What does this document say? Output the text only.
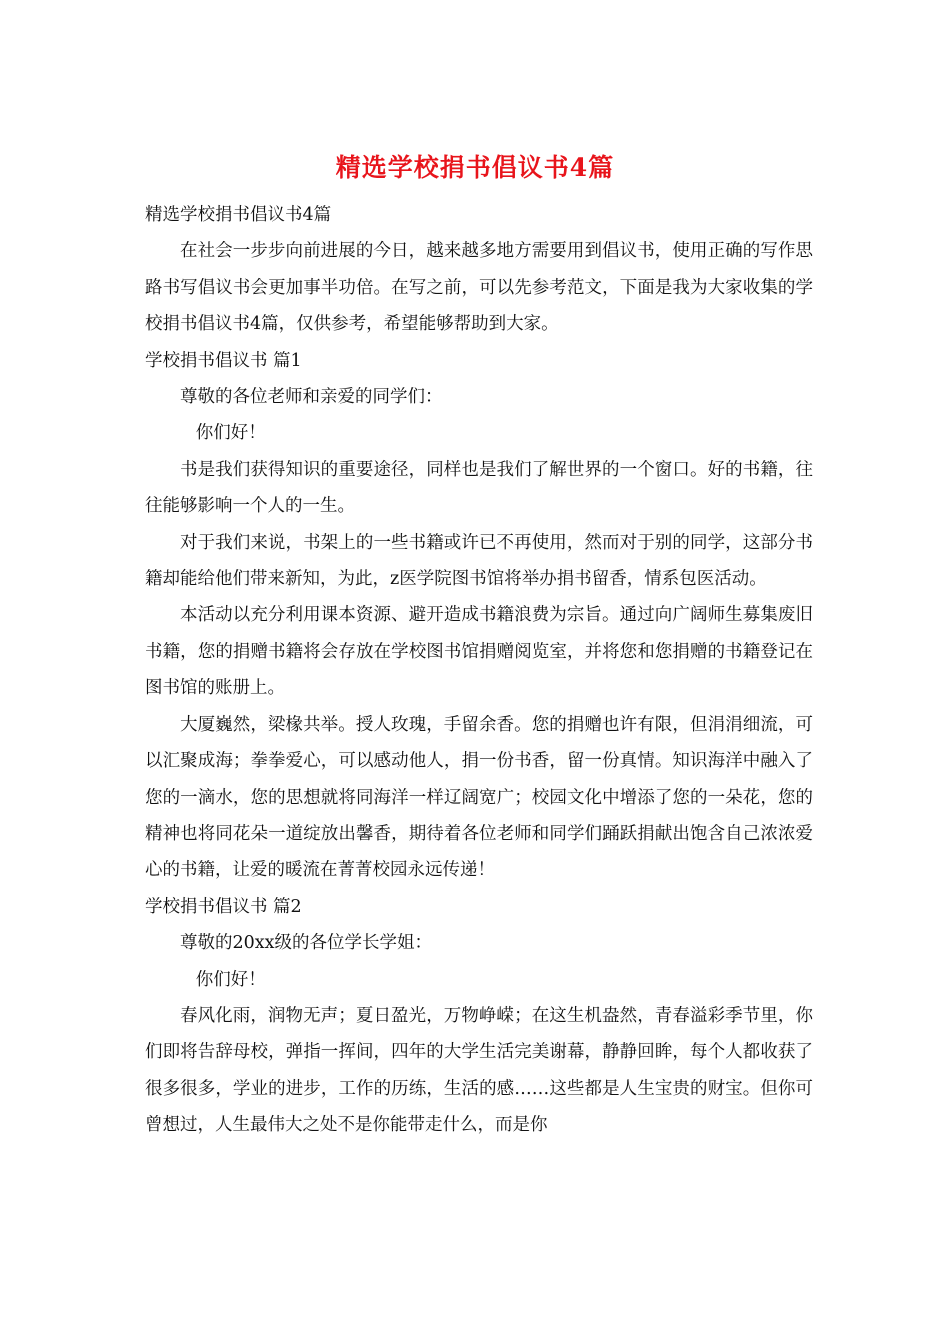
精选学校捐书倡议书4篇

精选学校捐书倡议书4篇

在社会一步步向前进展的今日，越来越多地方需要用到倡议书，使用正确的写作思路书写倡议书会更加事半功倍。在写之前，可以先参考范文，下面是我为大家收集的学校捐书倡议书4篇，仅供参考，希望能够帮助到大家。

学校捐书倡议书 篇1

尊敬的各位老师和亲爱的同学们：

你们好！

书是我们获得知识的重要途径，同样也是我们了解世界的一个窗口。好的书籍，往往能够影响一个人的一生。

对于我们来说，书架上的一些书籍或许已不再使用，然而对于别的同学，这部分书籍却能给他们带来新知，为此，z医学院图书馆将举办捐书留香，情系包医活动。

本活动以充分利用课本资源、避开造成书籍浪费为宗旨。通过向广阔师生募集废旧书籍，您的捐赠书籍将会存放在学校图书馆捐赠阅览室，并将您和您捐赠的书籍登记在图书馆的账册上。

大厦巍然，梁椽共举。授人玫瑰，手留余香。您的捐赠也许有限，但涓涓细流，可以汇聚成海；拳拳爱心，可以感动他人，捐一份书香，留一份真情。知识海洋中融入了您的一滴水，您的思想就将同海洋一样辽阔宽广；校园文化中增添了您的一朵花，您的精神也将同花朵一道绽放出馨香，期待着各位老师和同学们踊跃捐献出饱含自己浓浓爱心的书籍，让爱的暖流在菁菁校园永远传递！

学校捐书倡议书 篇2

尊敬的20xx级的各位学长学姐：

你们好！

春风化雨，润物无声；夏日盈光，万物峥嵘；在这生机盎然，青春溢彩季节里，你们即将告辞母校，弹指一挥间，四年的大学生活完美谢幕，静静回眸，每个人都收获了很多很多，学业的进步，工作的历练，生活的感……这些都是人生宝贵的财宝。但你可曾想过，人生最伟大之处不是你能带走什么，而是你
